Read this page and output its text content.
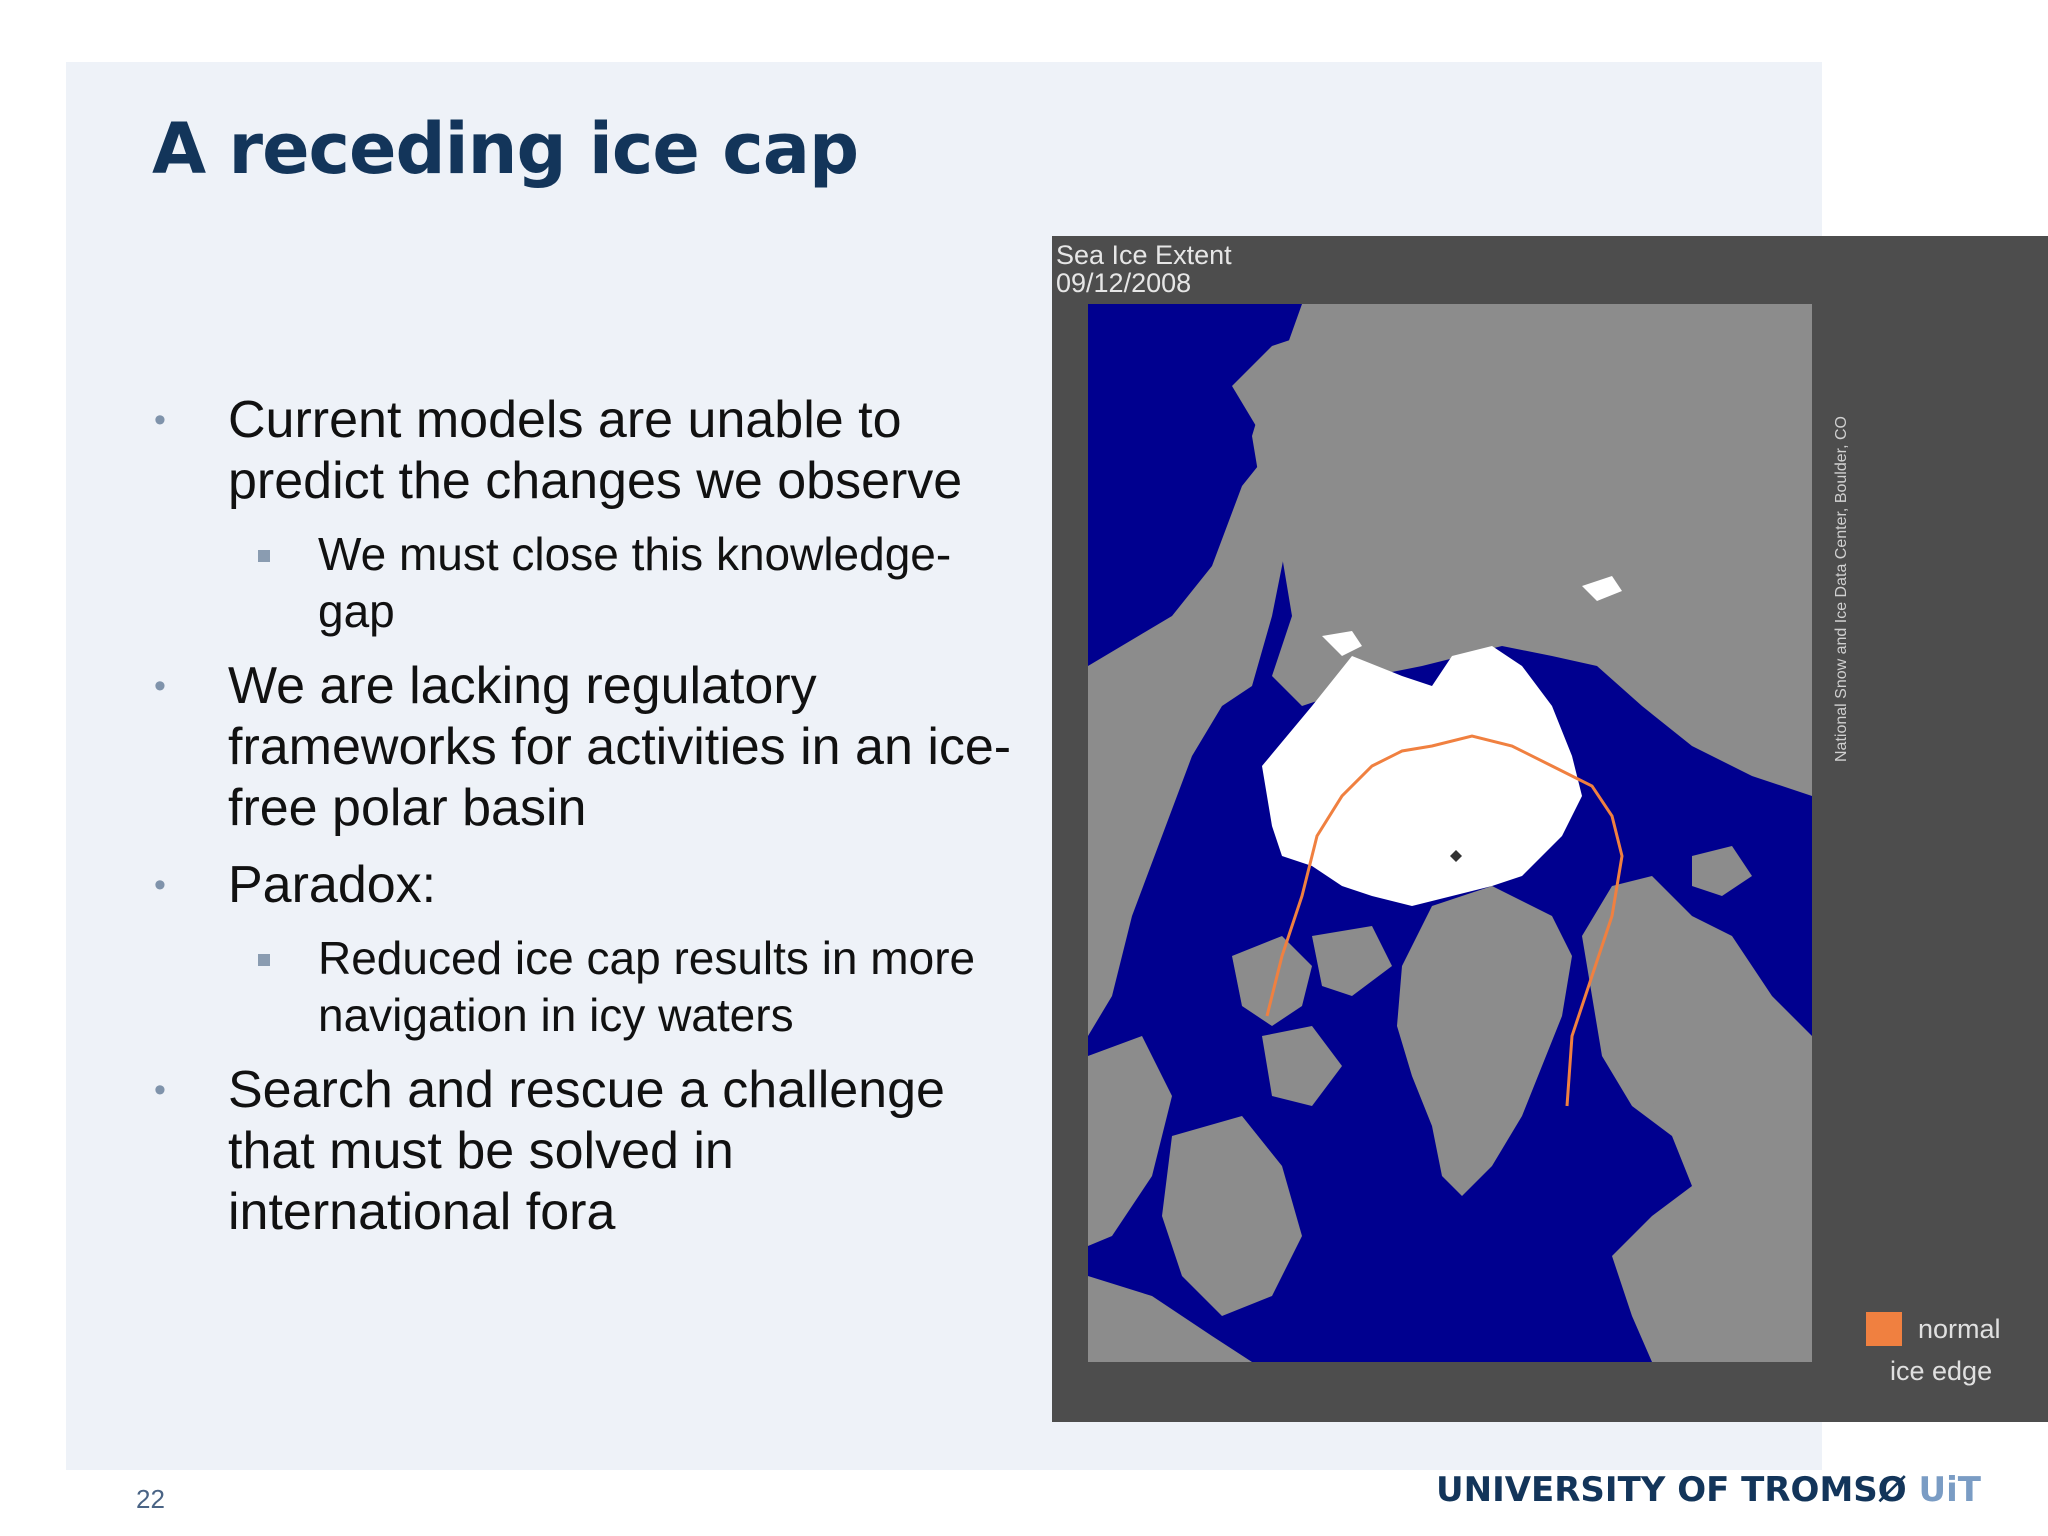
A receding ice cap
• Current models are unable to predict the changes we observe
We must close this knowledge-gap
• We are lacking regulatory frameworks for activities in an ice-free polar basin
• Paradox:
Reduced ice cap results in more navigation in icy waters
• Search and rescue a challenge that must be solved in international fora
Sea Ice Extent
09/12/2008
National Snow and Ice Data Center, Boulder, CO
normal
ice edge
22	UNIVERSITY OF TROMSØ UiT
